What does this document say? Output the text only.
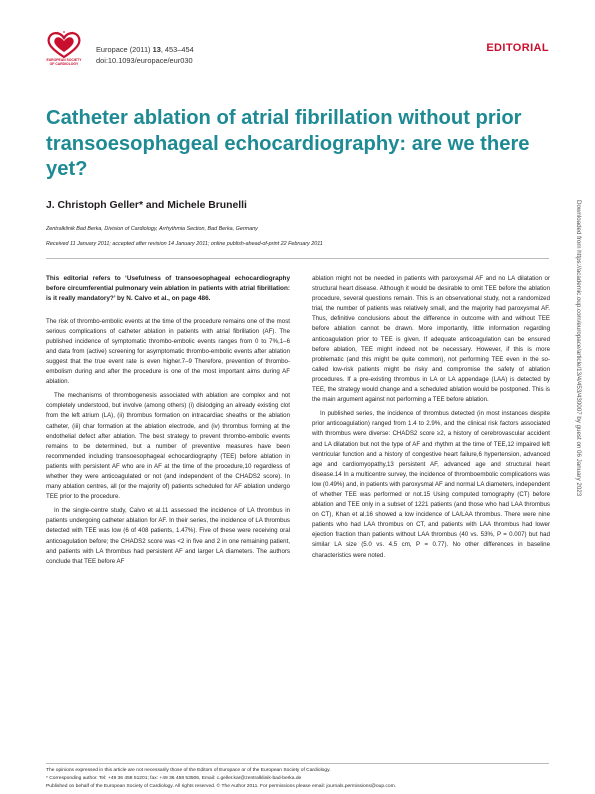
EUROPEAN SOCIETY OF CARDIOLOGY
Europace (2011) 13, 453–454
doi:10.1093/europace/eur030
EDITORIAL
Catheter ablation of atrial fibrillation without prior transoesophageal echocardiography: are we there yet?
J. Christoph Geller* and Michele Brunelli
Zentralklinik Bad Berka, Division of Cardiology, Arrhythmia Section, Bad Berka, Germany
Received 11 January 2011; accepted after revision 14 January 2011; online publish-ahead-of-print 22 February 2011

This editorial refers to ‘Usefulness of transoesophageal echocardiography before circumferential pulmonary vein ablation in patients with atrial fibrillation: is it really mandatory?’ by N. Calvo et al., on page 486.

The risk of thrombo-embolic events at the time of the procedure remains one of the most serious complications of catheter ablation in patients with atrial fibrillation (AF). The published incidence of symptomatic thrombo-embolic events ranges from 0 to 7%,1–6 and data from (active) screening for asymptomatic thrombo-embolic events after ablation suggest that the true event rate is even higher.7–9 Therefore, prevention of thrombo-embolism during and after the procedure is one of the most important aims during AF ablation.

The mechanisms of thrombogenesis associated with ablation are complex and not completely understood, but involve (among others) (i) dislodging an already existing clot from the left atrium (LA), (ii) thrombus formation on intracardiac sheaths or the ablation catheter, (iii) char formation at the ablation electrode, and (iv) thrombus forming at the endothelial defect after ablation. The best strategy to prevent thrombo-embolic events remains to be determined, but a number of preventive measures have been recommended including transoesophageal echocardiography (TEE) before ablation in patients with persistent AF who are in AF at the time of the procedure,10 regardless of whether they were anticoagulated or not (and independent of the CHADS2 score). In many ablation centres, all (or the majority of) patients scheduled for AF ablation undergo TEE prior to the procedure.

In the single-centre study, Calvo et al.11 assessed the incidence of LA thrombus in patients undergoing catheter ablation for AF. In their series, the incidence of LA thrombus detected with TEE was low (6 of 408 patients, 1.47%). Five of these were receiving oral anticoagulation before; the CHADS2 score was <2 in five and 2 in one remaining patient, and patients with LA thrombus had persistent AF and larger LA diameters. The authors conclude that TEE before AF

ablation might not be needed in patients with paroxysmal AF and no LA dilatation or structural heart disease. Although it would be desirable to omit TEE before the ablation procedure, several questions remain. This is an observational study, not a randomized trial, the number of patients was relatively small, and the majority had paroxysmal AF. Thus, definitive conclusions about the difference in outcome with and without TEE before ablation cannot be drawn. More importantly, little information regarding anticoagulation prior to TEE is given. If adequate anticoagulation can be ensured before ablation, TEE might indeed not be necessary. However, if this is more problematic (and this might be quite common), not performing TEE even in the so-called low-risk patients might be risky and compromise the safety of ablation procedures. If a pre-existing thrombus in LA or LA appendage (LAA) is detected by TEE, the strategy would change and a scheduled ablation would be postponed. This is the main argument against not performing a TEE before ablation.

In published series, the incidence of thrombus detected (in most instances despite prior anticoagulation) ranged from 1.4 to 2.9%, and the clinical risk factors associated with thrombus were diverse: CHADS2 score ≥2, a history of cerebrovascular accident and LA dilatation but not the type of AF and rhythm at the time of TEE,12 impaired left ventricular function and a history of congestive heart failure,6 hypertension, advanced age and cardiomyopathy,13 persistent AF, advanced age and structural heart disease.14 In a multicentre survey, the incidence of thromboembolic complications was low (0.49%) and, in patients with paroxysmal AF and normal LA diameters, independent of whether TEE was performed or not.15 Using computed tomography (CT) before ablation and TEE only in a subset of 1221 patients (and those who had LAA thrombus on CT), Khan et al.16 showed a low incidence of LA/LAA thrombus. There were nine patients who had LAA thrombus on CT, and patients with LAA thrombus had lower ejection fraction than patients without LAA thrombus (40 vs. 53%, P = 0.007) but had similar LA size (5.0 vs. 4.5 cm, P = 0.77). No other differences in baseline characteristics were noted.

The opinions expressed in this article are not necessarily those of the Editors of Europace or of the European Society of Cardiology.
* Corresponding author. Tel: +49 36 458 51201; fax: +49 36 458 53506, Email: c.geller.kar@zentralklinik-bad-berka.de
Published on behalf of the European Society of Cardiology. All rights reserved. © The Author 2011. For permissions please email: journals.permissions@oup.com.
Downloaded from https://academic.oup.com/europace/article/13/4/453/430007 by guest on 06 January 2023
